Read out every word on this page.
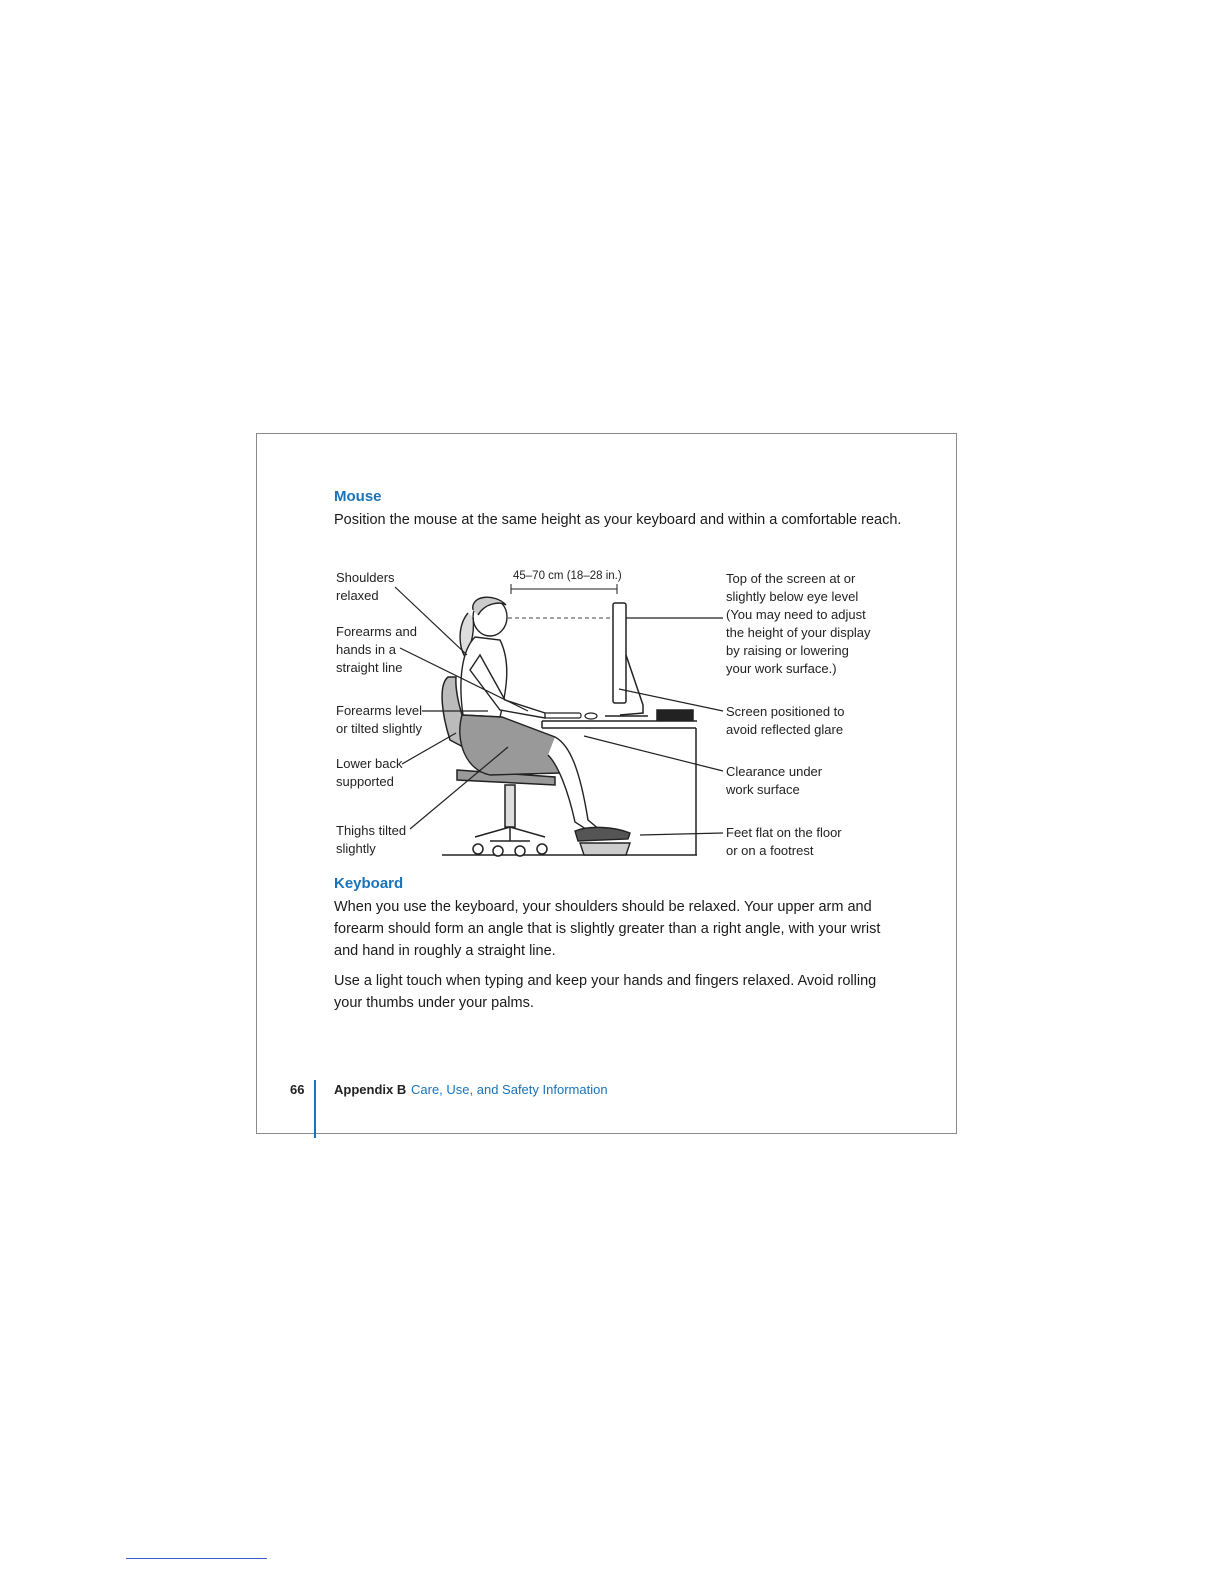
Mouse

Position the mouse at the same height as your keyboard and within a comfortable reach.

45–70 cm (18–28 in.)
Shoulders
relaxed
Forearms and
hands in a
straight line
Forearms level
or tilted slightly
Lower back
supported
Thighs tilted
slightly
Top of the screen at or
slightly below eye level
(You may need to adjust
the height of your display
by raising or lowering
your work surface.)
Screen positioned to
avoid reflected glare
Clearance under
work surface
Feet flat on the floor
or on a footrest
Keyboard

When you use the keyboard, your shoulders should be relaxed. Your upper arm and forearm should form an angle that is slightly greater than a right angle, with your wrist and hand in roughly a straight line.

Use a light touch when typing and keep your hands and fingers relaxed. Avoid rolling your thumbs under your palms.

66 Appendix B Care, Use, and Safety Information
